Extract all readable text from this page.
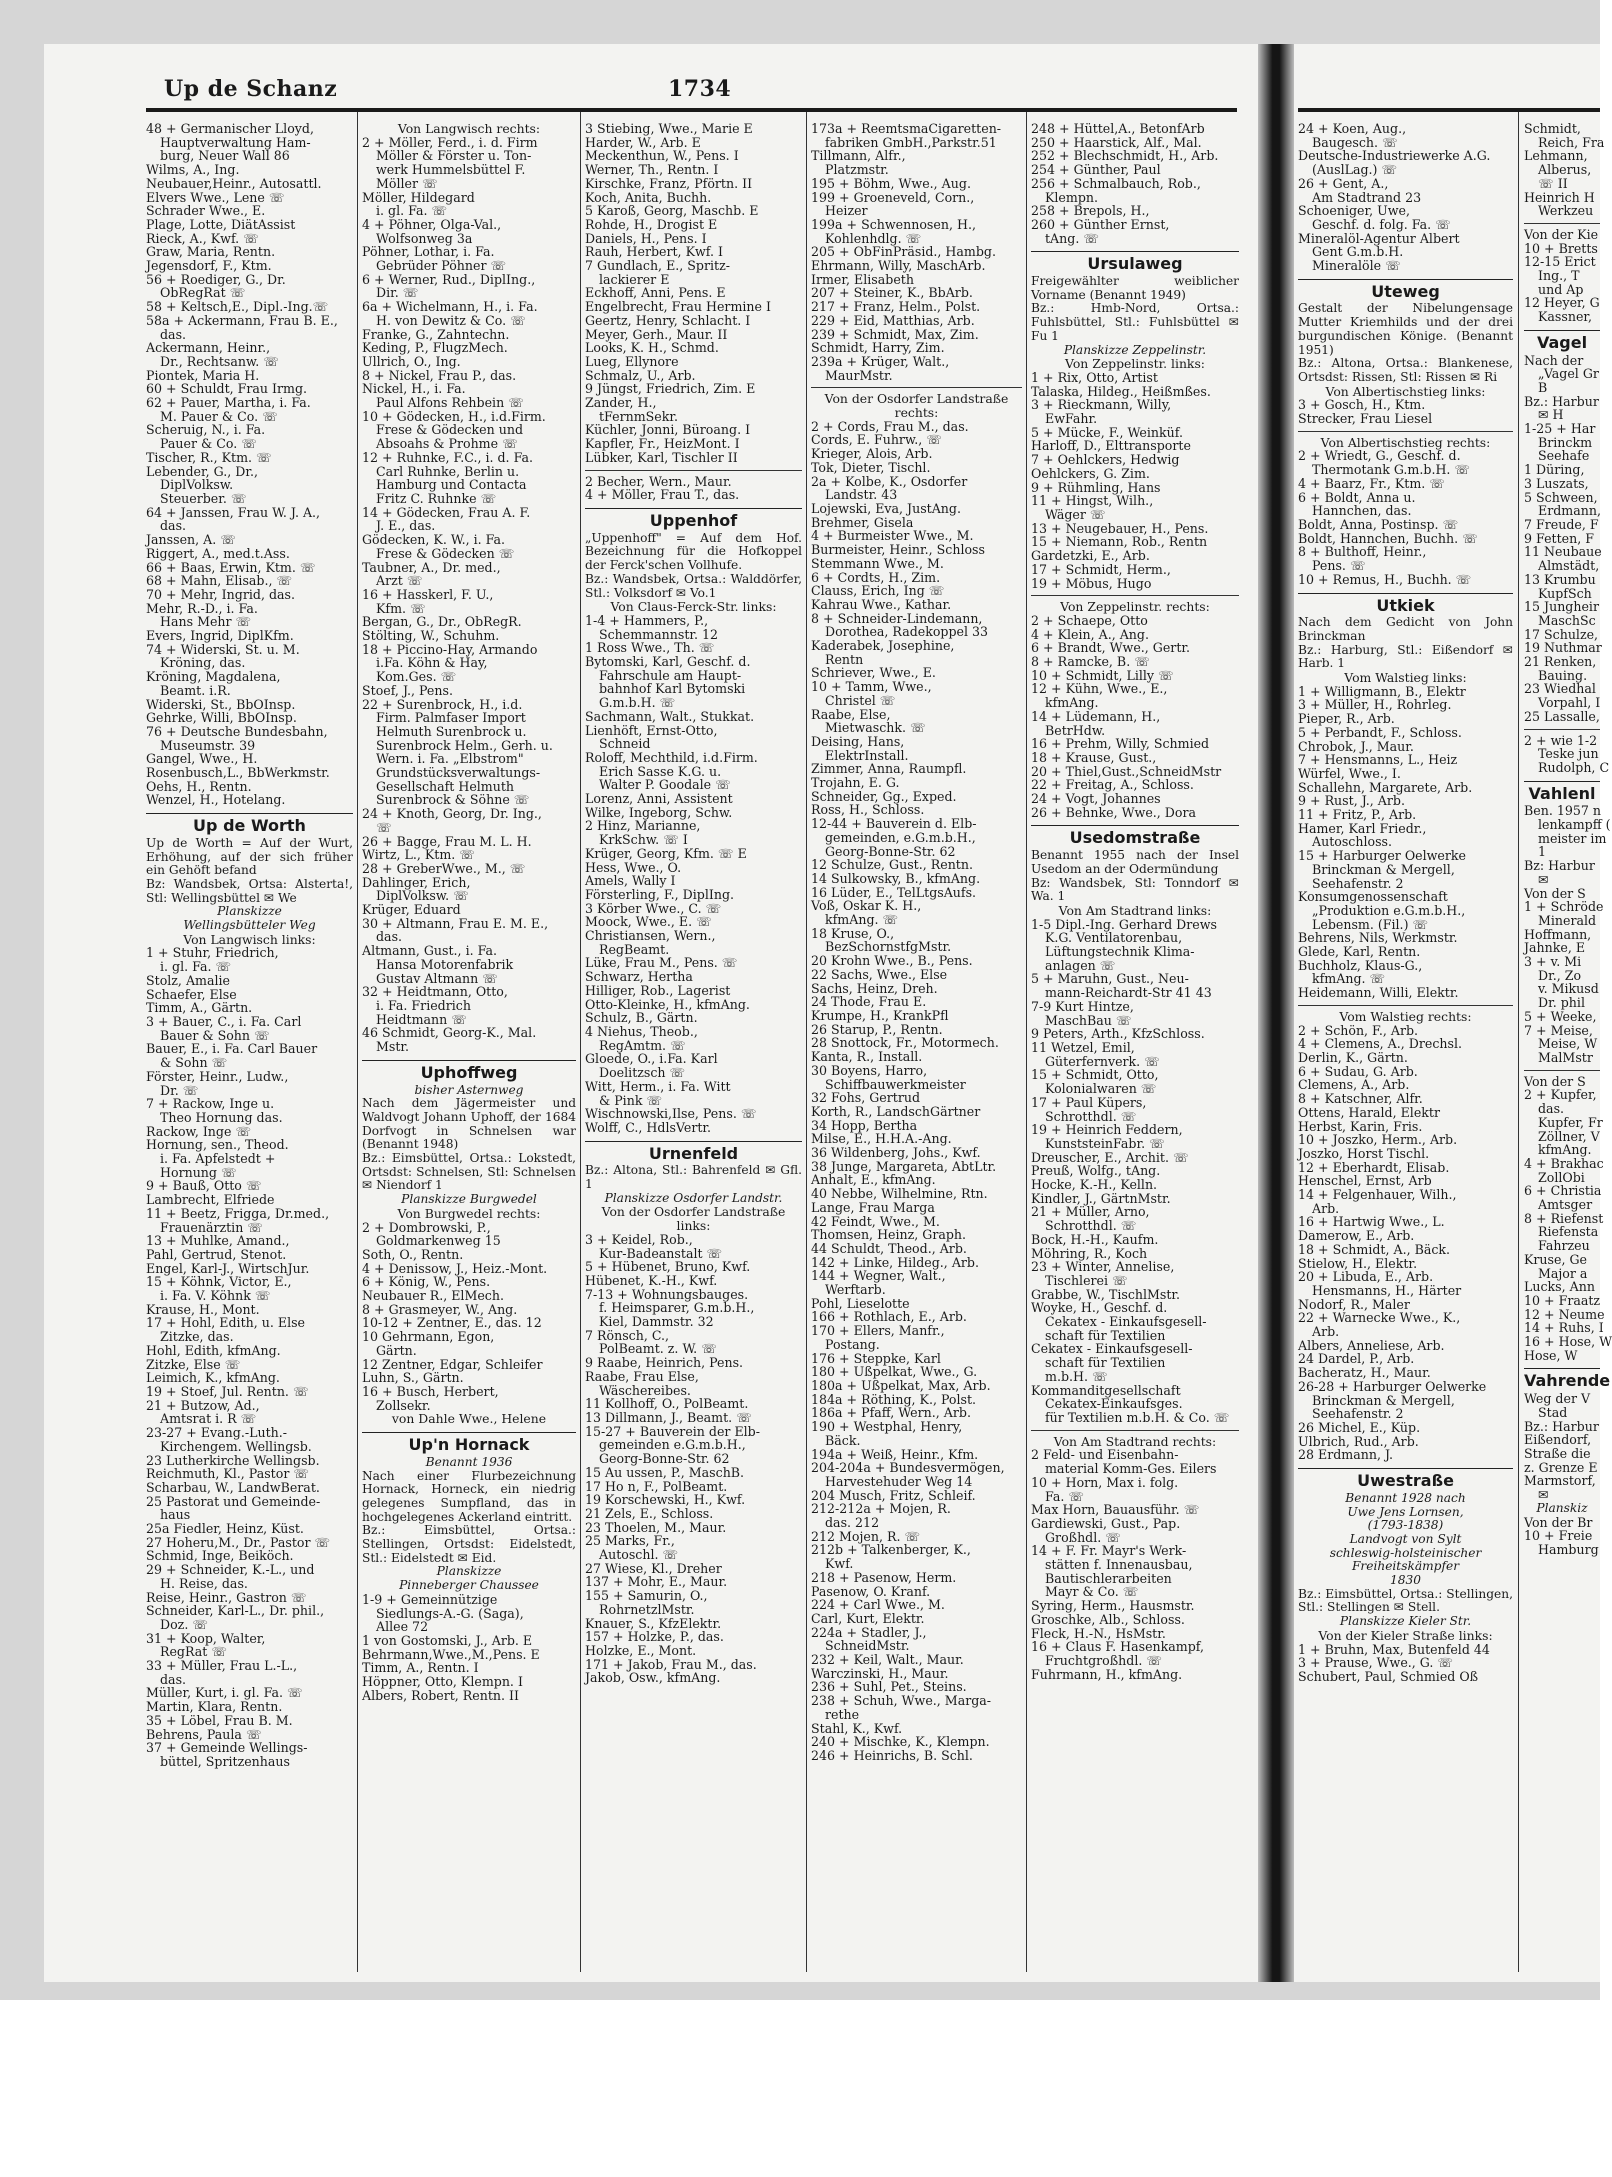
Up de Schanz	1734
48 + Germanischer Lloyd,
Hauptverwaltung Ham-
burg, Neuer Wall 86
Wilms, A., Ing.
Neubauer,Heinr., Autosattl.
Elvers Wwe., Lene ☏
Schrader Wwe., E.
Plage, Lotte, DiätAssist
Rieck, A., Kwf. ☏
Graw, Maria, Rentn.
Jegensdorf, F., Ktm.
56 + Roediger, G., Dr.
ObRegRat ☏
58 + Keltsch,E., Dipl.-Ing.☏
58a + Ackermann, Frau B. E.,
das.
Ackermann, Heinr.,
Dr., Rechtsanw. ☏
Piontek, Maria H.
60 + Schuldt, Frau Irmg.
62 + Pauer, Martha, i. Fa.
M. Pauer & Co. ☏
Scheruig, N., i. Fa.
Pauer & Co. ☏
Tischer, R., Ktm. ☏
Lebender, G., Dr.,
DiplVolksw.
Steuerber. ☏
64 + Janssen, Frau W. J. A.,
das.
Janssen, A. ☏
Riggert, A., med.t.Ass.
66 + Baas, Erwin, Ktm. ☏
68 + Mahn, Elisab., ☏
70 + Mehr, Ingrid, das.
Mehr, R.-D., i. Fa.
Hans Mehr ☏
Evers, Ingrid, DiplKfm.
74 + Widerski, St. u. M.
Kröning, das.
Kröning, Magdalena,
Beamt. i.R.
Widerski, St., BbOInsp.
Gehrke, Willi, BbOInsp.
76 + Deutsche Bundesbahn,
Museumstr. 39
Gangel, Wwe., H.
Rosenbusch,L., BbWerkmstr.
Oehs, H., Rentn.
Wenzel, H., Hotelang.
Up de Worth
Up de Worth = Auf der Wurt, Erhöhung, auf der sich früher ein Gehöft befand
Bz: Wandsbek, Ortsa: Alsterta!, Stl: Wellingsbüttel ✉ We
Planskizze
Wellingsbütteler Weg
Von Langwisch links:
1 + Stuhr, Friedrich,
i. gl. Fa. ☏
Stolz, Amalie
Schaefer, Else
Timm, A., Gärtn.
3 + Bauer, C., i. Fa. Carl
Bauer & Sohn ☏
Bauer, E., i. Fa. Carl Bauer
& Sohn ☏
Förster, Heinr., Ludw.,
Dr. ☏
7 + Rackow, Inge u.
Theo Hornung das.
Rackow, Inge ☏
Hornung, sen., Theod.
i. Fa. Apfelstedt +
Hornung ☏
9 + Bauß, Otto ☏
Lambrecht, Elfriede
11 + Beetz, Frigga, Dr.med.,
Frauenärztin ☏
13 + Muhlke, Amand.,
Pahl, Gertrud, Stenot.
Engel, Karl-J., WirtschJur.
15 + Köhnk, Victor, E.,
i. Fa. V. Köhnk ☏
Krause, H., Mont.
17 + Hohl, Edith, u. Else
Zitzke, das.
Hohl, Edith, kfmAng.
Zitzke, Else ☏
Leimich, K., kfmAng.
19 + Stoef, Jul. Rentn. ☏
21 + Butzow, Ad.,
Amtsrat i. R ☏
23-27 + Evang.-Luth.-
Kirchengem. Wellingsb.
23 Lutherkirche Wellingsb.
Reichmuth, Kl., Pastor ☏
Scharbau, W., LandwBerat.
25 Pastorat und Gemeinde-
haus
25a Fiedler, Heinz, Küst.
27 Hoheru,M., Dr., Pastor ☏
Schmid, Inge, Beiköch.
29 + Schneider, K.-L., und
H. Reise, das.
Reise, Heinr., Gastron ☏
Schneider, Karl-L., Dr. phil.,
Doz. ☏
31 + Koop, Walter,
RegRat ☏
33 + Müller, Frau L.-L.,
das.
Müller, Kurt, i. gl. Fa. ☏
Martin, Klara, Rentn.
35 + Löbel, Frau B. M.
Behrens, Paula ☏
37 + Gemeinde Wellings-
büttel, Spritzenhaus
Von Langwisch rechts:
2 + Möller, Ferd., i. d. Firm
Möller & Förster u. Ton-
werk Hummelsbüttel F.
Möller ☏
Möller, Hildegard
i. gl. Fa. ☏
4 + Pöhner, Olga-Val.,
Wolfsonweg 3a
Pöhner, Lothar, i. Fa.
Gebrüder Pöhner ☏
6 + Werner, Rud., DiplIng.,
Dir. ☏
6a + Wichelmann, H., i. Fa.
H. von Dewitz & Co. ☏
Franke, G., Zahntechn.
Keding, P., FlugzMech.
Ullrich, O., Ing.
8 + Nickel, Frau P., das.
Nickel, H., i. Fa.
Paul Alfons Rehbein ☏
10 + Gödecken, H., i.d.Firm.
Frese & Gödecken und
Absoahs & Prohme ☏
12 + Ruhnke, F.C., i. d. Fa.
Carl Ruhnke, Berlin u.
Hamburg und Contacta
Fritz C. Ruhnke ☏
14 + Gödecken, Frau A. F.
J. E., das.
Gödecken, K. W., i. Fa.
Frese & Gödecken ☏
Taubner, A., Dr. med.,
Arzt ☏
16 + Hasskerl, F. U.,
Kfm. ☏
Bergan, G., Dr., ObRegR.
Stölting, W., Schuhm.
18 + Piccino-Hay, Armando
i.Fa. Köhn & Hay,
Kom.Ges. ☏
Stoef, J., Pens.
22 + Surenbrock, H., i.d.
Firm. Palmfaser Import
Helmuth Surenbrock u.
Surenbrock Helm., Gerh. u.
Wern. i. Fa. „Elbstrom"
Grundstücksverwaltungs-
Gesellschaft Helmuth
Surenbrock & Söhne ☏
24 + Knoth, Georg, Dr. Ing.,
☏
26 + Bagge, Frau M. L. H.
Wirtz, L., Ktm. ☏
28 + GreberWwe., M., ☏
Dahlinger, Erich,
DiplVolksw. ☏
Krüger, Eduard
30 + Altmann, Frau E. M. E.,
das.
Altmann, Gust., i. Fa.
Hansa Motorenfabrik
Gustav Altmann ☏
32 + Heidtmann, Otto,
i. Fa. Friedrich
Heidtmann ☏
46 Schmidt, Georg-K., Mal.
Mstr.
Uphoffweg
bisher Asternweg
Nach dem Jägermeister und Waldvogt Johann Uphoff, der 1684 Dorfvogt in Schnelsen war (Benannt 1948)
Bz.: Eimsbüttel, Ortsa.: Lokstedt, Ortsdst: Schnelsen, Stl: Schnelsen ✉ Niendorf 1
Planskizze Burgwedel
Von Burgwedel rechts:
2 + Dombrowski, P.,
Goldmarkenweg 15
Soth, O., Rentn.
4 + Denissow, J., Heiz.-Mont.
6 + König, W., Pens.
Neubauer R., ElMech.
8 + Grasmeyer, W., Ang.
10-12 + Zentner, E., das. 12
10 Gehrmann, Egon,
Gärtn.
12 Zentner, Edgar, Schleifer
Luhn, S., Gärtn.
16 + Busch, Herbert,
Zollsekr.
von Dahle Wwe., Helene
Up'n Hornack
Benannt 1936
Nach einer Flurbezeichnung Hornack, Horneck, ein niedrig gelegenes Sumpfland, das in hochgelegenes Ackerland eintritt.
Bz.: Eimsbüttel, Ortsa.: Stellingen, Ortsdst: Eidelstedt, Stl.: Eidelstedt ✉ Eid.
Planskizze
Pinneberger Chaussee
1-9 + Gemeinnützige
Siedlungs-A.-G. (Saga),
Allee 72
1 von Gostomski, J., Arb. E
Behrmann,Wwe.,M.,Pens. E
Timm, A., Rentn. I
Höppner, Otto, Klempn. I
Albers, Robert, Rentn. II
3 Stiebing, Wwe., Marie E
Harder, W., Arb. E
Meckenthun, W., Pens. I
Werner, Th., Rentn. I
Kirschke, Franz, Pförtn. II
Koch, Anita, Buchh.
5 Karoß, Georg, Maschb. E
Rohde, H., Drogist E
Daniels, H., Pens. I
Rauh, Herbert, Kwf. I
7 Gundlach, E., Spritz-
lackierer E
Eckhoff, Anni, Pens. E
Engelbrecht, Frau Hermine I
Geertz, Henry, Schlacht. I
Meyer, Gerh., Maur. II
Looks, K. H., Schmd.
Lueg, Ellynore
Schmalz, U., Arb.
9 Jüngst, Friedrich, Zim. E
Zander, H.,
tFernmSekr.
Küchler, Jonni, Büroang. I
Kapfler, Fr., HeizMont. I
Lübker, Karl, Tischler II
2 Becher, Wern., Maur.
4 + Möller, Frau T., das.
Uppenhof
„Uppenhoff" = Auf dem Hof. Bezeichnung für die Hofkoppel der Ferck'schen Vollhufe.
Bz.: Wandsbek, Ortsa.: Walddörfer, Stl.: Volksdorf ✉ Vo.1
Von Claus-Ferck-Str. links:
1-4 + Hammers, P.,
Schemmannstr. 12
1 Ross Wwe., Th. ☏
Bytomski, Karl, Geschf. d.
Fahrschule am Haupt-
bahnhof Karl Bytomski
G.m.b.H. ☏
Sachmann, Walt., Stukkat.
Lienhöft, Ernst-Otto,
Schneid
Roloff, Mechthild, i.d.Firm.
Erich Sasse K.G. u.
Walter P. Goodale ☏
Lorenz, Anni, Assistent
Wilke, Ingeborg, Schw.
2 Hinz, Marianne,
KrkSchw. ☏ I
Krüger, Georg, Kfm. ☏ E
Hess, Wwe., O.
Amels, Wally I
Försterling, F., DiplIng.
3 Körber Wwe., C. ☏
Moock, Wwe., E. ☏
Christiansen, Wern.,
RegBeamt.
Lüke, Frau M., Pens. ☏
Schwarz, Hertha
Hilliger, Rob., Lagerist
Otto-Kleinke, H., kfmAng.
Schulz, B., Gärtn.
4 Niehus, Theob.,
RegAmtm. ☏
Gloede, O., i.Fa. Karl
Doelitzsch ☏
Witt, Herm., i. Fa. Witt
& Pink ☏
Wischnowski,Ilse, Pens. ☏
Wolff, C., HdlsVertr.
Urnenfeld
Bz.: Altona, Stl.: Bahrenfeld ✉ Gfl. 1
Planskizze Osdorfer Landstr.
Von der Osdorfer Landstraße
links:
3 + Keidel, Rob.,
Kur-Badeanstalt ☏
5 + Hübenet, Bruno, Kwf.
Hübenet, K.-H., Kwf.
7-13 + Wohnungsbauges.
f. Heimsparer, G.m.b.H.,
Kiel, Dammstr. 32
7 Rönsch, C.,
PolBeamt. z. W. ☏
9 Raabe, Heinrich, Pens.
Raabe, Frau Else,
Wäschereibes.
11 Kollhoff, O., PolBeamt.
13 Dillmann, J., Beamt. ☏
15-27 + Bauverein der Elb-
gemeinden e.G.m.b.H.,
Georg-Bonne-Str. 62
15 Au ussen, P., MaschB.
17 Ho n, F., PolBeamt.
19 Korschewski, H., Kwf.
21 Zels, E., Schloss.
23 Thoelen, M., Maur.
25 Marks, Fr.,
Autoschl. ☏
27 Wiese, Kl., Dreher
137 + Mohr, E., Maur.
155 + Samurin, O.,
RohrnetzlMstr.
Knauer, S., KfzElektr.
157 + Holzke, P., das.
Holzke, E., Mont.
171 + Jakob, Frau M., das.
Jakob, Osw., kfmAng.
173a + ReemtsmaCigaretten-
fabriken GmbH.,Parkstr.51
Tillmann, Alfr.,
Platzmstr.
195 + Böhm, Wwe., Aug.
199 + Groeneveld, Corn.,
Heizer
199a + Schwennosen, H.,
Kohlenhdlg. ☏
205 + ObFinPräsid., Hambg.
Ehrmann, Willy, MaschArb.
Irmer, Elisabeth
207 + Steiner, K., BbArb.
217 + Franz, Helm., Polst.
229 + Eid, Matthias, Arb.
239 + Schmidt, Max, Zim.
Schmidt, Harry, Zim.
239a + Krüger, Walt.,
MaurMstr.
Von der Osdorfer Landstraße
rechts:
2 + Cords, Frau M., das.
Cords, E. Fuhrw., ☏
Krieger, Alois, Arb.
Tok, Dieter, Tischl.
2a + Kolbe, K., Osdorfer
Landstr. 43
Lojewski, Eva, JustAng.
Brehmer, Gisela
4 + Burmeister Wwe., M.
Burmeister, Heinr., Schloss
Stemmann Wwe., M.
6 + Cordts, H., Zim.
Clauss, Erich, Ing ☏
Kahrau Wwe., Kathar.
8 + Schneider-Lindemann,
Dorothea, Radekoppel 33
Kaderabek, Josephine,
Rentn
Schriever, Wwe., E.
10 + Tamm, Wwe.,
Christel ☏
Raabe, Else,
Mietwaschk. ☏
Deising, Hans,
ElektrInstall.
Zimmer, Anna, Raumpfl.
Trojahn, E. G.
Schneider, Gg., Exped.
Ross, H., Schloss.
12-44 + Bauverein d. Elb-
gemeinden, e.G.m.b.H.,
Georg-Bonne-Str. 62
12 Schulze, Gust., Rentn.
14 Sulkowsky, B., kfmAng.
16 Lüder, E., TelLtgsAufs.
Voß, Oskar K. H.,
kfmAng. ☏
18 Kruse, O.,
BezSchornstfgMstr.
20 Krohn Wwe., B., Pens.
22 Sachs, Wwe., Else
Sachs, Heinz, Dreh.
24 Thode, Frau E.
Krumpe, H., KrankPfl
26 Starup, P., Rentn.
28 Snottock, Fr., Motormech.
Kanta, R., Install.
30 Boyens, Harro,
Schiffbauwerkmeister
32 Fohs, Gertrud
Korth, R., LandschGärtner
34 Hopp, Bertha
Milse, E., H.H.A.-Ang.
36 Wildenberg, Johs., Kwf.
38 Junge, Margareta, AbtLtr.
Anhalt, E., kfmAng.
40 Nebbe, Wilhelmine, Rtn.
Lange, Frau Marga
42 Feindt, Wwe., M.
Thomsen, Heinz, Graph.
44 Schuldt, Theod., Arb.
142 + Linke, Hildeg., Arb.
144 + Wegner, Walt.,
Werftarb.
Pohl, Lieselotte
166 + Rothlach, E., Arb.
170 + Ellers, Manfr.,
Postang.
176 + Steppke, Karl
180 + Ußpelkat, Wwe., G.
180a + Ußpelkat, Max, Arb.
184a + Röthing, K., Polst.
186a + Pfaff, Wern., Arb.
190 + Westphal, Henry,
Bäck.
194a + Weiß, Heinr., Kfm.
204-204a + Bundesvermögen,
Harvestehuder Weg 14
204 Musch, Fritz, Schleif.
212-212a + Mojen, R.
das. 212
212 Mojen, R. ☏
212b + Talkenberger, K.,
Kwf.
218 + Pasenow, Herm.
Pasenow, O. Kranf.
224 + Carl Wwe., M.
Carl, Kurt, Elektr.
224a + Stadler, J.,
SchneidMstr.
232 + Keil, Walt., Maur.
Warczinski, H., Maur.
236 + Suhl, Pet., Steins.
238 + Schuh, Wwe., Marga-
rethe
Stahl, K., Kwf.
240 + Mischke, K., Klempn.
246 + Heinrichs, B. Schl.
248 + Hüttel,A., BetonfArb
250 + Haarstick, Alf., Mal.
252 + Blechschmidt, H., Arb.
254 + Günther, Paul
256 + Schmalbauch, Rob.,
Klempn.
258 + Brepols, H.,
260 + Günther Ernst,
tAng. ☏
Ursulaweg
Freigewählter weiblicher Vorname (Benannt 1949)
Bz.: Hmb-Nord, Ortsa.: Fuhlsbüttel, Stl.: Fuhlsbüttel ✉ Fu 1
Planskizze Zeppelinstr.
Von Zeppelinstr. links:
1 + Rix, Otto, Artist
Talaska, Hildeg., Heißmßes.
3 + Rieckmann, Willy,
EwFahr.
5 + Mücke, F., Weinküf.
Harloff, D., Elttransporte
7 + Oehlckers, Hedwig
Oehlckers, G. Zim.
9 + Rühmling, Hans
11 + Hingst, Wilh.,
Wäger ☏
13 + Neugebauer, H., Pens.
15 + Niemann, Rob., Rentn
Gardetzki, E., Arb.
17 + Schmidt, Herm.,
19 + Möbus, Hugo
Von Zeppelinstr. rechts:
2 + Schaepe, Otto
4 + Klein, A., Ang.
6 + Brandt, Wwe., Gertr.
8 + Ramcke, B. ☏
10 + Schmidt, Lilly ☏
12 + Kühn, Wwe., E.,
kfmAng.
14 + Lüdemann, H.,
BetrHdw.
16 + Prehm, Willy, Schmied
18 + Krause, Gust.,
20 + Thiel,Gust.,SchneidMstr
22 + Freitag, A., Schloss.
24 + Vogt, Johannes
26 + Behnke, Wwe., Dora
Usedomstraße
Benannt 1955 nach der Insel Usedom an der Odermündung
Bz: Wandsbek, Stl: Tonndorf ✉ Wa. 1
Von Am Stadtrand links:
1-5 Dipl.-Ing. Gerhard Drews
K.G. Ventilatorenbau,
Lüftungstechnik Klima-
anlagen ☏
5 + Maruhn, Gust., Neu-
mann-Reichardt-Str 41 43
7-9 Kurt Hintze,
MaschBau ☏
9 Peters, Arth., KfzSchloss.
11 Wetzel, Emil,
Güterfernverk. ☏
15 + Schmidt, Otto,
Kolonialwaren ☏
17 + Paul Küpers,
Schrotthdl. ☏
19 + Heinrich Feddern,
KunststeinFabr. ☏
Dreuscher, E., Archit. ☏
Preuß, Wolfg., tAng.
Hocke, K.-H., Kelln.
Kindler, J., GärtnMstr.
21 + Müller, Arno,
Schrotthdl. ☏
Bock, H.-H., Kaufm.
Möhring, R., Koch
23 + Winter, Annelise,
Tischlerei ☏
Grabbe, W., TischlMstr.
Woyke, H., Geschf. d.
Cekatex - Einkaufsgesell-
schaft für Textilien
Cekatex - Einkaufsgesell-
schaft für Textilien
m.b.H. ☏
Kommanditgesellschaft
Cekatex-Einkaufsges.
für Textilien m.b.H. & Co. ☏
Von Am Stadtrand rechts:
2 Feld- und Eisenbahn-
material Komm-Ges. Eilers
10 + Horn, Max i. folg.
Fa. ☏
Max Horn, Bauausführ. ☏
Gardiewski, Gust., Pap.
Großhdl. ☏
14 + F. Fr. Mayr's Werk-
stätten f. Innenausbau,
Bautischlerarbeiten
Mayr & Co. ☏
Syring, Herm., Hausmstr.
Groschke, Alb., Schloss.
Fleck, H.-N., HsMstr.
16 + Claus F. Hasenkampf,
Fruchtgroßhdl. ☏
Fuhrmann, H., kfmAng.
24 + Koen, Aug.,
Baugesch. ☏
Deutsche-Industriewerke A.G.
(AuslLag.) ☏
26 + Gent, A.,
Am Stadtrand 23
Schoeniger, Uwe,
Geschf. d. folg. Fa. ☏
Mineralöl-Agentur Albert
Gent G.m.b.H.
Mineralöle ☏
Uteweg
Gestalt der Nibelungensage Mutter Kriemhilds und der drei burgundischen Könige. (Benannt 1951)
Bz.: Altona, Ortsa.: Blankenese, Ortsdst: Rissen, Stl: Rissen ✉ Ri
Von Albertischstieg links:
3 + Gosch, H., Ktm.
Strecker, Frau Liesel
Von Albertischstieg rechts:
2 + Wriedt, G., Geschf. d.
Thermotank G.m.b.H. ☏
4 + Baarz, Fr., Ktm. ☏
6 + Boldt, Anna u.
Hannchen, das.
Boldt, Anna, Postinsp. ☏
Boldt, Hannchen, Buchh. ☏
8 + Bulthoff, Heinr.,
Pens. ☏
10 + Remus, H., Buchh. ☏
Utkiek
Nach dem Gedicht von John Brinckman
Bz.: Harburg, Stl.: Eißendorf ✉ Harb. 1
Vom Walstieg links:
1 + Willigmann, B., Elektr
3 + Müller, H., Rohrleg.
Pieper, R., Arb.
5 + Perbandt, F., Schloss.
Chrobok, J., Maur.
7 + Hensmanns, L., Heiz
Würfel, Wwe., I.
Schallehn, Margarete, Arb.
9 + Rust, J., Arb.
11 + Fritz, P., Arb.
Hamer, Karl Friedr.,
Autoschloss.
15 + Harburger Oelwerke
Brinckman & Mergell,
Seehafenstr. 2
Konsumgenossenschaft
„Produktion e.G.m.b.H.,
Lebensm. (Fil.) ☏
Behrens, Nils, Werkmstr.
Glede, Karl, Rentn.
Buchholz, Klaus-G.,
kfmAng. ☏
Heidemann, Willi, Elektr.
Vom Walstieg rechts:
2 + Schön, F., Arb.
4 + Clemens, A., Drechsl.
Derlin, K., Gärtn.
6 + Sudau, G. Arb.
Clemens, A., Arb.
8 + Katschner, Alfr.
Ottens, Harald, Elektr
Herbst, Karin, Fris.
10 + Joszko, Herm., Arb.
Joszko, Horst Tischl.
12 + Eberhardt, Elisab.
Henschel, Ernst, Arb
14 + Felgenhauer, Wilh.,
Arb.
16 + Hartwig Wwe., L.
Damerow, E., Arb.
18 + Schmidt, A., Bäck.
Stielow, H., Elektr.
20 + Libuda, E., Arb.
Hensmanns, H., Härter
Nodorf, R., Maler
22 + Warnecke Wwe., K.,
Arb.
Albers, Anneliese, Arb.
24 Dardel, P., Arb.
Bacheratz, H., Maur.
26-28 + Harburger Oelwerke
Brinckman & Mergell,
Seehafenstr. 2
26 Michel, E., Küp.
Ulbrich, Rud., Arb.
28 Erdmann, J.
Uwestraße
Benannt 1928 nach
Uwe Jens Lornsen,
(1793-1838)
Landvogt von Sylt
schleswig-holsteinischer
Freiheitskämpfer
1830
Bz.: Eimsbüttel, Ortsa.: Stellingen, Stl.: Stellingen ✉ Stell.
Planskizze Kieler Str.
Von der Kieler Straße links:
1 + Bruhn, Max, Butenfeld 44
3 + Prause, Wwe., G. ☏
Schubert, Paul, Schmied Oß
Schmidt,
Reich, Fra
Lehmann,
Alberus,
☏ II
Heinrich H
Werkzeu
Von der Kie
10 + Bretts
12-15 Erict
Ing., T
und Ap
12 Heyer, G
Kassner,
Vagel
Nach der
„Vagel Gr
B
Bz.: Harbur
✉ H
1-25 + Har
Brinckm
Seehafe
1 Düring,
3 Luszats,
5 Schween,
Erdmann,
7 Freude, F
9 Fetten, F
11 Neubaue
Almstädt,
13 Krumbu
KupfSch
15 Jungheir
MaschSc
17 Schulze,
19 Nuthmar
21 Renken,
Bauing.
23 Wiedhal
Vorpahl, I
25 Lassalle,
2 + wie 1-2
Teske jun
Rudolph, C
Vahlenl
Ben. 1957 n
lenkampff (
meister im
1
Bz: Harbur
✉
Von der S
1 + Schröde
Minerald
Hoffmann,
Jahnke, E
3 + v. Mi
Dr., Zo
v. Mikusd
Dr. phil
5 + Weeke,
7 + Meise,
Meise, W
MalMstr
Von der S
2 + Kupfer,
das.
Kupfer, Fr
Zöllner, V
kfmAng.
4 + Brakhac
ZollObi
6 + Christia
Amtsger
8 + Riefenst
Riefensta
Fahrzeu
Kruse, Ge
Major a
Lucks, Ann
10 + Fraatz
12 + Neume
14 + Ruhs, I
16 + Hose, W
Hose, W
Vahrende
Weg der V
Stad
Bz.: Harbur
Eißendorf,
Straße die
z. Grenze E
Marmstorf,
✉
Planskiz
Von der Br
10 + Freie
Hamburg
